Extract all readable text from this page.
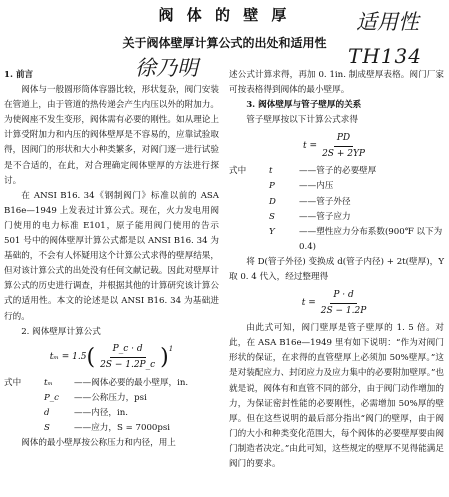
阀 体 的 壁 厚	适用性
关于阀体壁厚计算公式的出处和适用性
TH134
徐乃明

1. 前言

阀体与一般圆形筒体容器比较，形状复杂，阀门安装在管道上，由于管道的热传递会产生内压以外的附加力。为使阀座不发生变形，阀体需有必要的刚性。如从理论上计算受附加力和内压的阀体壁厚是不容易的，应靠试验取得，因阀门的形状和大小种类繁多，对阀门逐一进行试验是不合适的，在此，对合理确定阀体壁厚的方法进行探讨。

在 ANSI B16. 34《钢制阀门》标准以前的 ASA B16e—1949 上发表过计算公式。现在，火力发电用阀门使用的电力标准 E101，原子能用阀门使用的告示 501 号中的阀体壁厚计算公式都是以 ANSI B16. 34 为基础的，不会有人怀疑用这个计算公式求得的壁厚结果，但对该计算公式的出处没有任何文献记载。因此对壁厚计算公式的历史进行调查，并根据其他的计算研究该计算公式的适用性。本文的论述是以 ANSI B16. 34 为基础进行的。

2. 阀体壁厚计算公式

tₘ = 1.5 ( $\frac{P\_c \cdot d}{2S - 1.2P\_c}$ ) 1
式中	tₘ	——阀体必要的最小壁厚，in.
P_c	——公称压力，psi
d	——内径，in.
S	——应力，S = 7000psi

阀体的最小壁厚按公称压力和内径，用上

述公式计算求得，再加 0. 1in. 制成壁厚表格。阀门厂家可按表格得到阀体的最小壁厚。

3. 阀体壁厚与管子壁厚的关系

管子壁厚按以下计算公式求得

$t = \frac{PD}{2S + 2YP}$
式中	t	——管子的必要壁厚
P	——内压
D	——管子外径
S	——管子应力
Y	——塑性应力分布系数(900℉ 以下为 0.4)

将 D(管子外径) 变换成 d(管子内径) + 2t(壁厚)，Y 取 0. 4 代入，经过整理得

$t = \frac{P \cdot d}{2S - 1.2P}$

由此式可知，阀门壁厚是管子壁厚的 1. 5 倍。对此，在 ASA B16e—1949 里有如下说明：“作为对阀门形状的保证，在求得的直管壁厚上必须加 50%壁厚。”这是对装配应力、封闭应力及应力集中的必要附加壁厚。”也就是说，阀体有和直管不同的部分，由于阀门动作增加的力，为保证密封性能的必要刚性，必需增加 50%厚的壁厚。但在这些说明的最后部分指出“阀门的壁厚，由于阀门的大小和种类变化范围大，每个阀体的必要壁厚要由阀门制造者决定。”由此可知，这些规定的壁厚不见得能满足阀门的要求。
